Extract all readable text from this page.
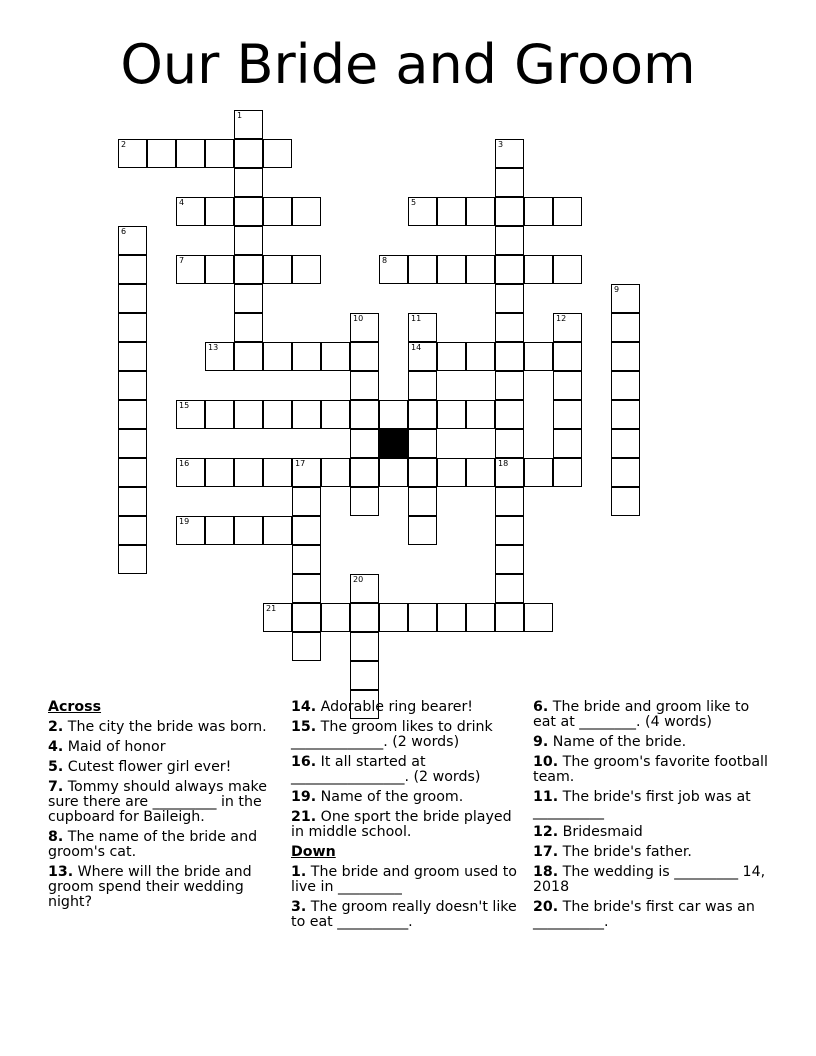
Our Bride and Groom
2
4	5
7	8
13	14
15
16	17	18
19
21
1
3
6
9
10	11	12
20
Across
2. The city the bride was born.
4. Maid of honor
5. Cutest flower girl ever!
7. Tommy should always make sure there are _________ in the cupboard for Baileigh.
8. The name of the bride and groom's cat.
13. Where will the bride and groom spend their wedding night?
14. Adorable ring bearer!
15. The groom likes to drink _____________. (2 words)
16. It all started at ________________. (2 words)
19. Name of the groom.
21. One sport the bride played in middle school.
Down
1. The bride and groom used to live in _________
3. The groom really doesn't like to eat __________.
6. The bride and groom like to eat at ________. (4 words)
9. Name of the bride.
10. The groom's favorite football team.
11. The bride's first job was at __________
12. Bridesmaid
17. The bride's father.
18. The wedding is _________ 14, 2018
20. The bride's first car was an __________.
